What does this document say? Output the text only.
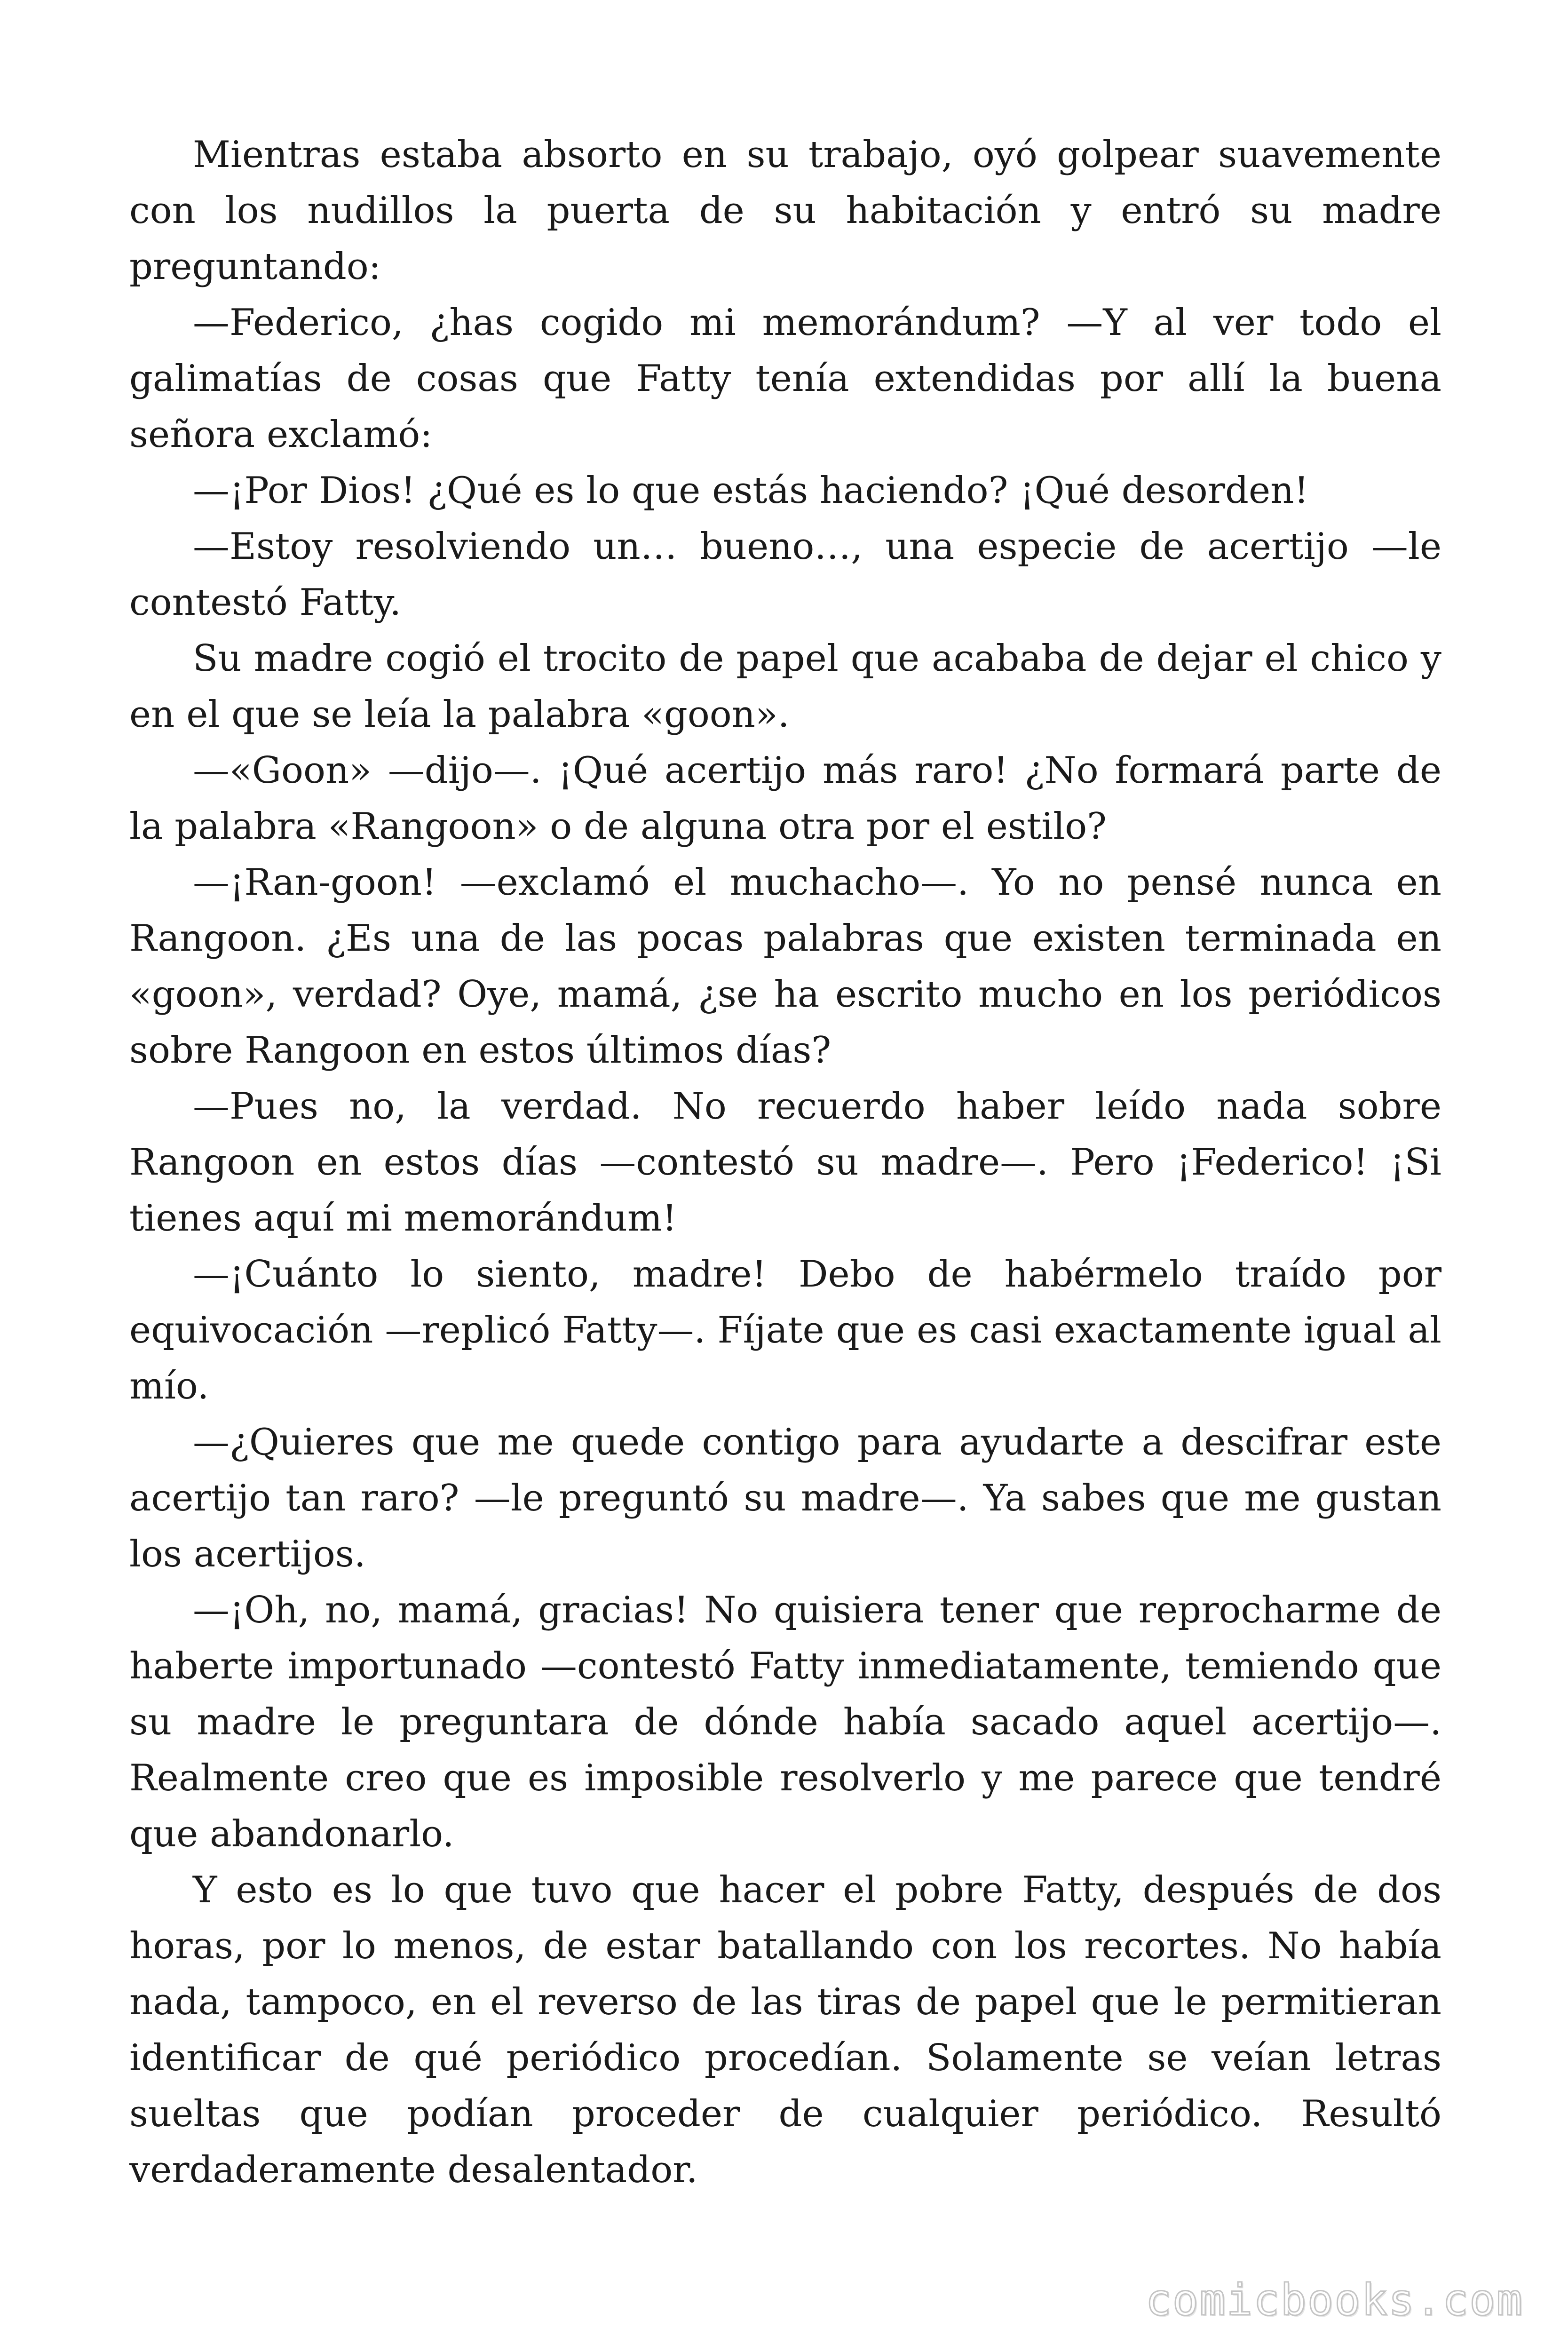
Mientras estaba absorto en su trabajo, oyó golpear suavemente con los nudillos la puerta de su habitación y entró su madre preguntando:

—Federico, ¿has cogido mi memorándum? —Y al ver todo el galimatías de cosas que Fatty tenía extendidas por allí la buena señora exclamó:

—¡Por Dios! ¿Qué es lo que estás haciendo? ¡Qué desorden!

—Estoy resolviendo un… bueno…, una especie de acertijo —le contestó Fatty.

Su madre cogió el trocito de papel que acababa de dejar el chico y en el que se leía la palabra «goon».

—«Goon» —dijo—. ¡Qué acertijo más raro! ¿No formará parte de la palabra «Rangoon» o de alguna otra por el estilo?

—¡Ran-goon! —exclamó el muchacho—. Yo no pensé nunca en Rangoon. ¿Es una de las pocas palabras que existen terminada en «goon», verdad? Oye, mamá, ¿se ha escrito mucho en los periódicos sobre Rangoon en estos últimos días?

—Pues no, la verdad. No recuerdo haber leído nada sobre Rangoon en estos días —contestó su madre—. Pero ¡Federico! ¡Si tienes aquí mi memorándum!

—¡Cuánto lo siento, madre! Debo de habérmelo traído por equivocación —replicó Fatty—. Fíjate que es casi exactamente igual al mío.

—¿Quieres que me quede contigo para ayudarte a descifrar este acertijo tan raro? —le preguntó su madre—. Ya sabes que me gustan los acertijos.

—¡Oh, no, mamá, gracias! No quisiera tener que reprocharme de haberte importunado —contestó Fatty inmediatamente, temiendo que su madre le preguntara de dónde había sacado aquel acertijo—. Realmente creo que es imposible resolverlo y me parece que tendré que abandonarlo.

Y esto es lo que tuvo que hacer el pobre Fatty, después de dos horas, por lo menos, de estar batallando con los recortes. No había nada, tampoco, en el reverso de las tiras de papel que le permitieran identificar de qué periódico procedían. Solamente se veían letras sueltas que podían proceder de cualquier periódico. Resultó verdaderamente desalentador.

comicbooks.com
